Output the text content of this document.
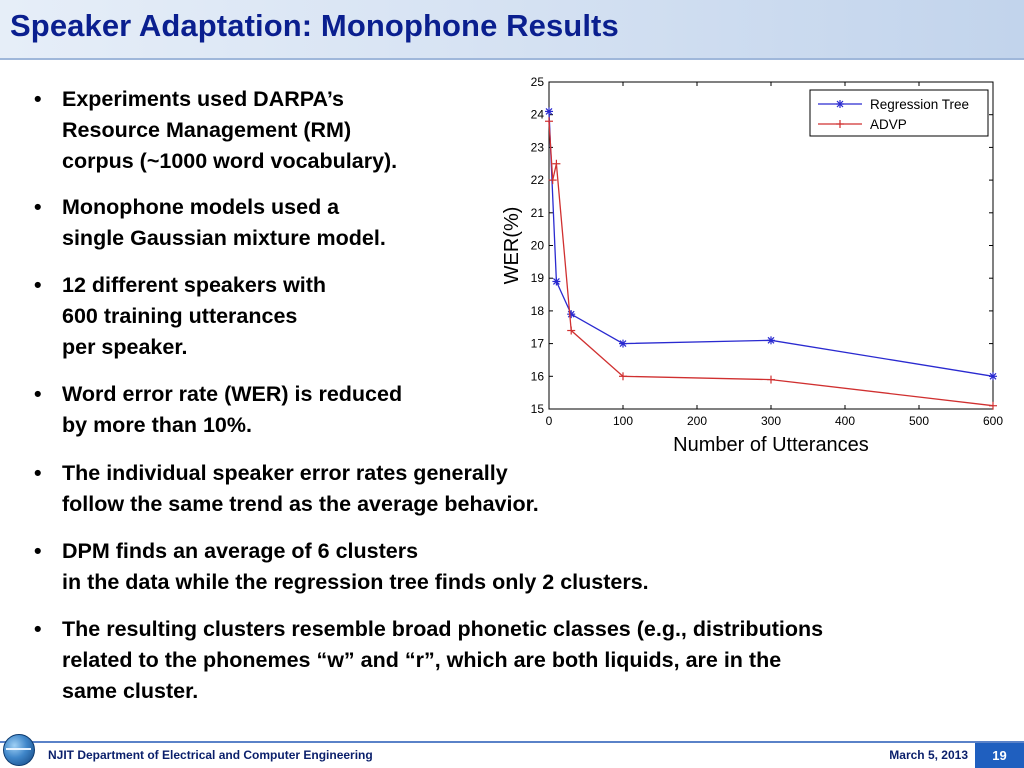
Speaker Adaptation: Monophone Results
• Experiments used DARPA’s
Resource Management (RM)
corpus (~1000 word vocabulary).
• Monophone models used a
single Gaussian mixture model.
• 12 different speakers with
600 training utterances
per speaker.
• Word error rate (WER) is reduced
by more than 10%.
• The individual speaker error rates generally
follow the same trend as the average behavior.
• DPM finds an average of 6 clusters
in the data while the regression tree finds only 2 clusters.
• The resulting clusters resemble broad phonetic classes (e.g., distributions
related to the phonemes “w” and “r”, which are both liquids, are in the
same cluster.
15
16
17
18
19
20
21
22
23
24
25
0	100	200	300	400	500	600
Number of Utterances
WER(%)
Regression Tree
ADVP
NJIT Department of Electrical and Computer Engineering	March 5, 2013	19
